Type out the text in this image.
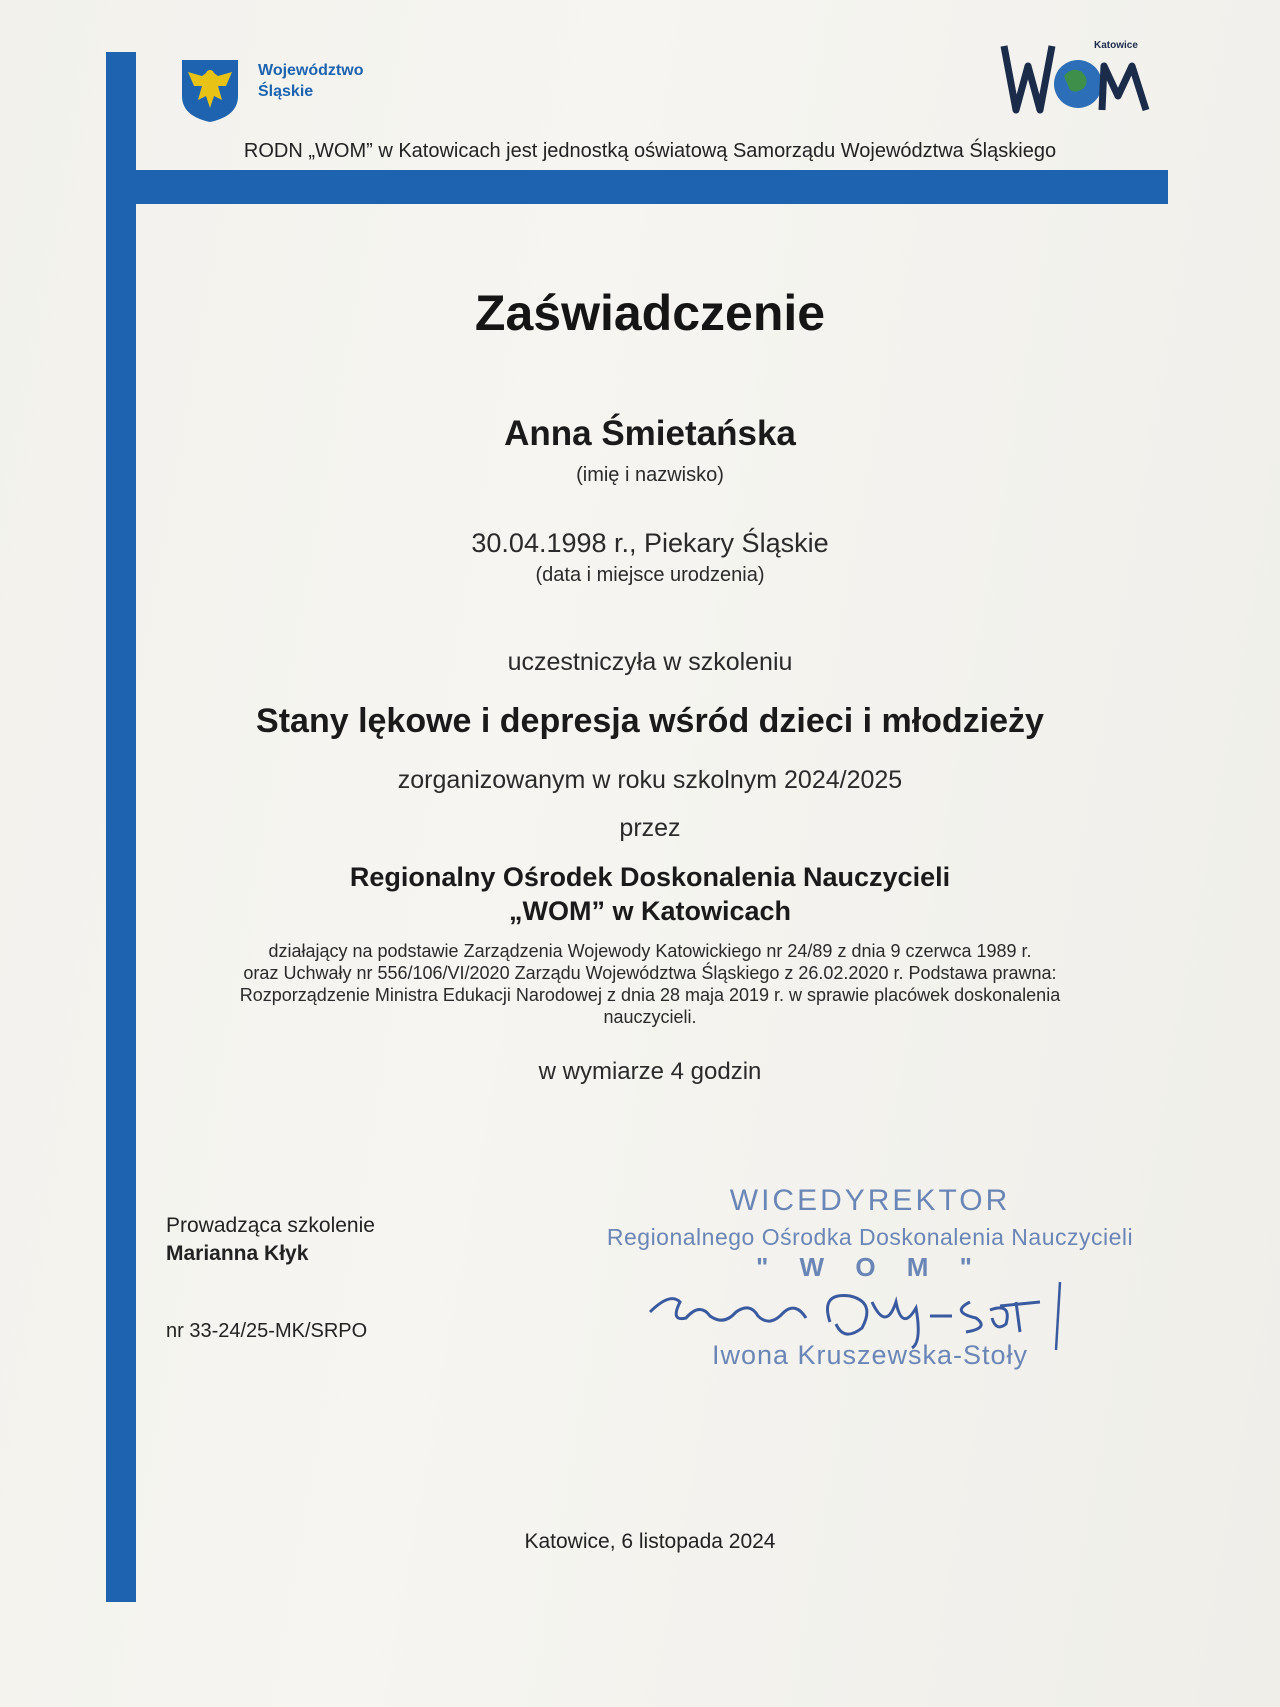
Województwo
Śląskie
Katowice
RODN „WOM” w Katowicach jest jednostką oświatową Samorządu Województwa Śląskiego
Zaświadczenie
Anna Śmietańska
(imię i nazwisko)
30.04.1998 r., Piekary Śląskie
(data i miejsce urodzenia)
uczestniczyła w szkoleniu
Stany lękowe i depresja wśród dzieci i młodzieży
zorganizowanym w roku szkolnym 2024/2025
przez
Regionalny Ośrodek Doskonalenia Nauczycieli
„WOM” w Katowicach
działający na podstawie Zarządzenia Wojewody Katowickiego nr 24/89 z dnia 9 czerwca 1989 r.
oraz Uchwały nr 556/106/VI/2020 Zarządu Województwa Śląskiego z 26.02.2020 r. Podstawa prawna:
Rozporządzenie Ministra Edukacji Narodowej z dnia 28 maja 2019 r. w sprawie placówek doskonalenia
nauczycieli.
w wymiarze 4 godzin
Prowadząca szkolenie
Marianna Kłyk
nr 33-24/25-MK/SRPO
WICEDYREKTOR
Regionalnego Ośrodka Doskonalenia Nauczycieli
" W O M "
Iwona Kruszewska-Stoły
Katowice, 6 listopada 2024
